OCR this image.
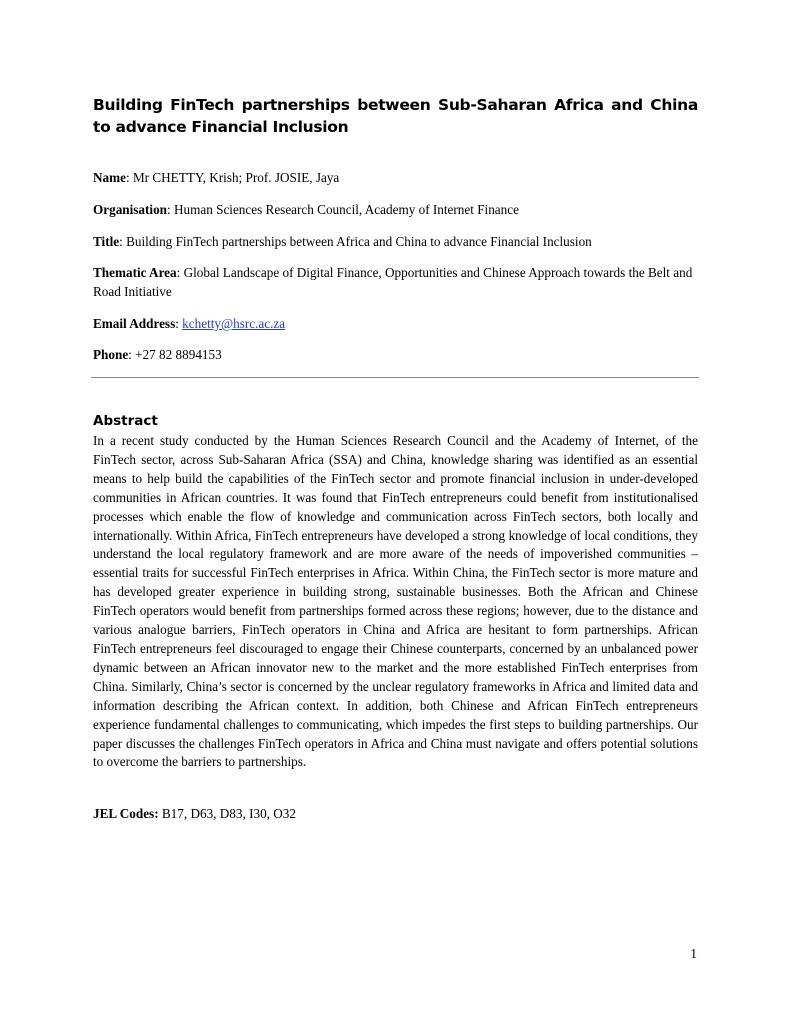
Building FinTech partnerships between Sub-Saharan Africa and China to advance Financial Inclusion

Name: Mr CHETTY, Krish; Prof. JOSIE, Jaya

Organisation: Human Sciences Research Council, Academy of Internet Finance

Title: Building FinTech partnerships between Africa and China to advance Financial Inclusion

Thematic Area: Global Landscape of Digital Finance, Opportunities and Chinese Approach towards the Belt and Road Initiative

Email Address: kchetty@hsrc.ac.za

Phone: +27 82 8894153

Abstract

In a recent study conducted by the Human Sciences Research Council and the Academy of Internet, of the FinTech sector, across Sub-Saharan Africa (SSA) and China, knowledge sharing was identified as an essential means to help build the capabilities of the FinTech sector and promote financial inclusion in under-developed communities in African countries. It was found that FinTech entrepreneurs could benefit from institutionalised processes which enable the flow of knowledge and communication across FinTech sectors, both locally and internationally. Within Africa, FinTech entrepreneurs have developed a strong knowledge of local conditions, they understand the local regulatory framework and are more aware of the needs of impoverished communities – essential traits for successful FinTech enterprises in Africa. Within China, the FinTech sector is more mature and has developed greater experience in building strong, sustainable businesses. Both the African and Chinese FinTech operators would benefit from partnerships formed across these regions; however, due to the distance and various analogue barriers, FinTech operators in China and Africa are hesitant to form partnerships. African FinTech entrepreneurs feel discouraged to engage their Chinese counterparts, concerned by an unbalanced power dynamic between an African innovator new to the market and the more established FinTech enterprises from China. Similarly, China’s sector is concerned by the unclear regulatory frameworks in Africa and limited data and information describing the African context. In addition, both Chinese and African FinTech entrepreneurs experience fundamental challenges to communicating, which impedes the first steps to building partnerships. Our paper discusses the challenges FinTech operators in Africa and China must navigate and offers potential solutions to overcome the barriers to partnerships.

JEL Codes: B17, D63, D83, I30, O32

1
